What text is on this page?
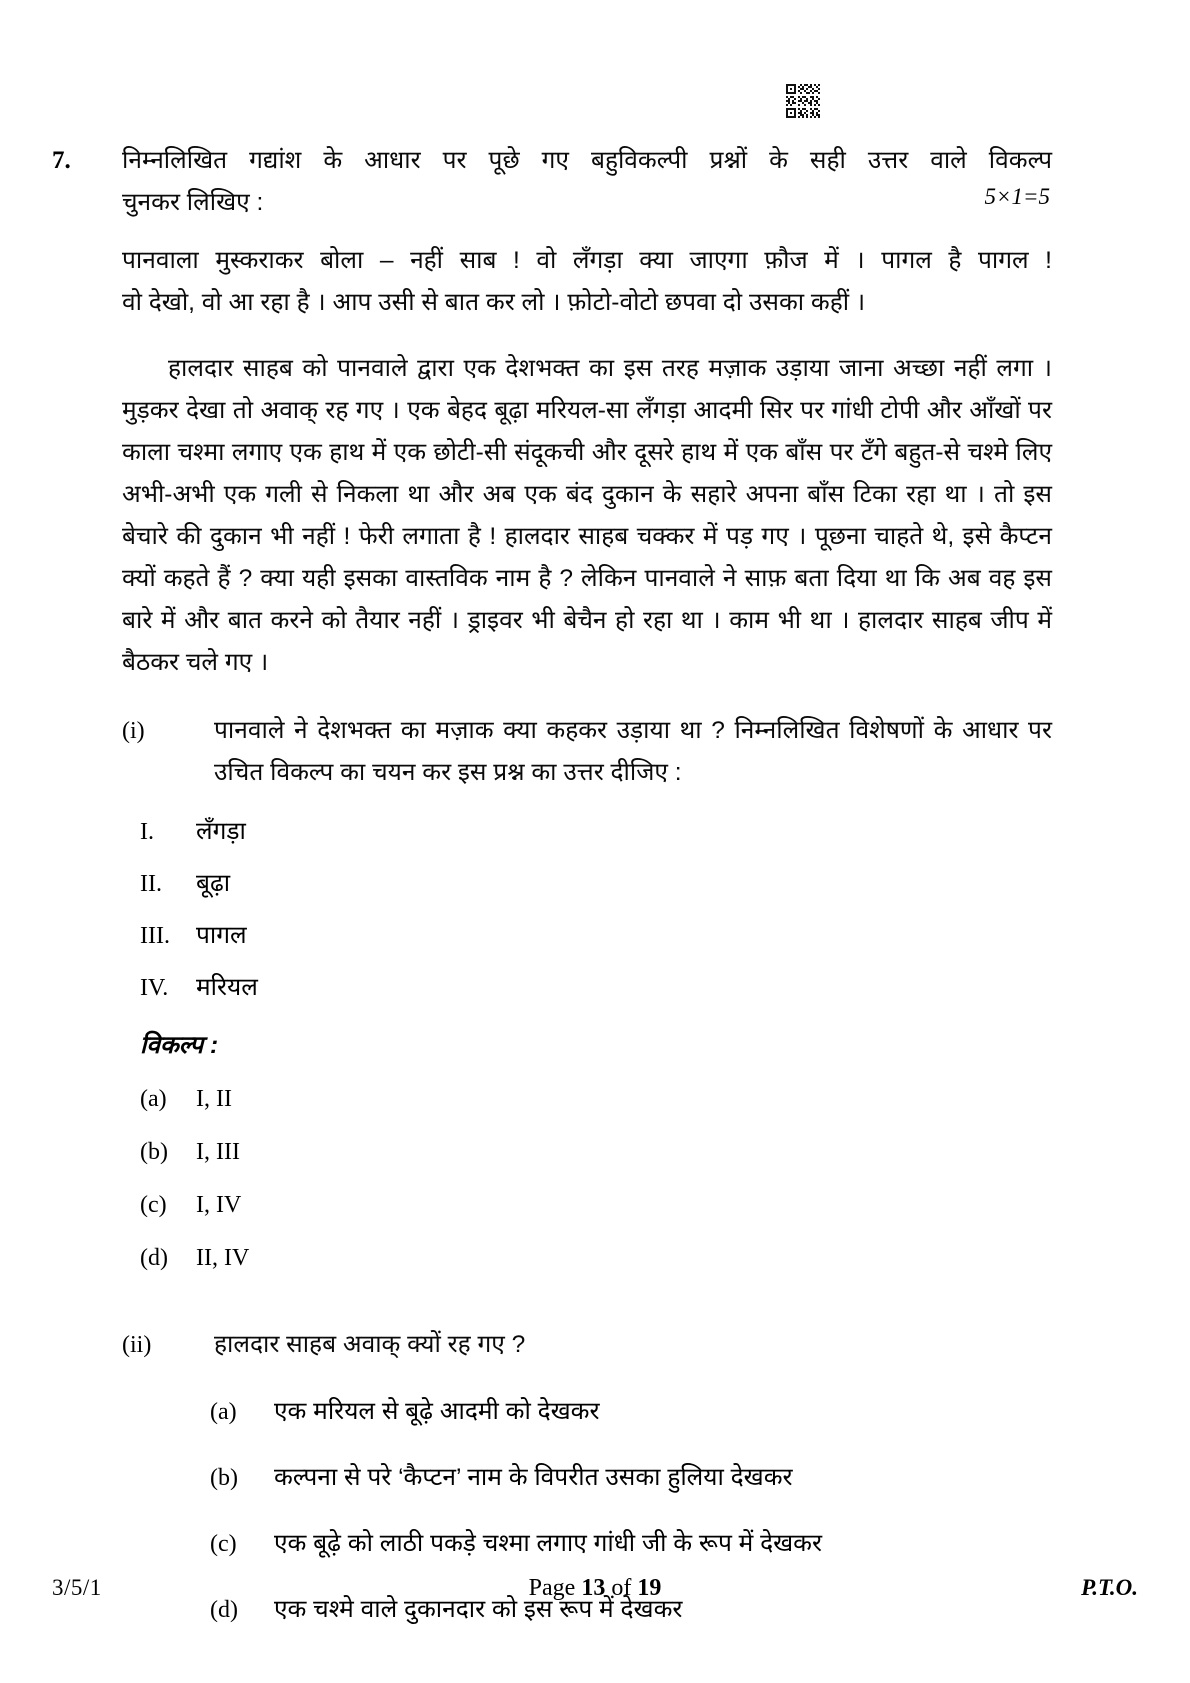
7.	निम्नलिखित गद्यांश के आधार पर पूछे गए बहुविकल्पी प्रश्नों के सही उत्तर वाले विकल्प
चुनकर लिखिए :	5×1=5

पानवाला मुस्कराकर बोला – नहीं साब ! वो लँगड़ा क्या जाएगा फ़ौज में । पागल है पागल !

वो देखो, वो आ रहा है । आप उसी से बात कर लो । फ़ोटो-वोटो छपवा दो उसका कहीं ।

हालदार साहब को पानवाले द्वारा एक देशभक्त का इस तरह मज़ाक उड़ाया जाना अच्छा नहीं लगा । मुड़कर देखा तो अवाक् रह गए । एक बेहद बूढ़ा मरियल-सा लँगड़ा आदमी सिर पर गांधी टोपी और आँखों पर काला चश्मा लगाए एक हाथ में एक छोटी-सी संदूकची और दूसरे हाथ में एक बाँस पर टँगे बहुत-से चश्मे लिए अभी-अभी एक गली से निकला था और अब एक बंद दुकान के सहारे अपना बाँस टिका रहा था । तो इस बेचारे की दुकान भी नहीं ! फेरी लगाता है ! हालदार साहब चक्कर में पड़ गए । पूछना चाहते थे, इसे कैप्टन क्यों कहते हैं ? क्या यही इसका वास्तविक नाम है ? लेकिन पानवाले ने साफ़ बता दिया था कि अब वह इस बारे में और बात करने को तैयार नहीं । ड्राइवर भी बेचैन हो रहा था । काम भी था । हालदार साहब जीप में बैठकर चले गए ।

(i)	पानवाले ने देशभक्त का मज़ाक क्या कहकर उड़ाया था ? निम्नलिखित विशेषणों के आधार पर उचित विकल्प का चयन कर इस प्रश्न का उत्तर दीजिए :
I.	लँगड़ा
II.	बूढ़ा
III.	पागल
IV.	मरियल
विकल्प :
(a)	I, II
(b)	I, III
(c)	I, IV
(d)	II, IV
(ii)	हालदार साहब अवाक् क्यों रह गए ?
(a)	एक मरियल से बूढ़े आदमी को देखकर
(b)	कल्पना से परे ‘कैप्टन’ नाम के विपरीत उसका हुलिया देखकर
(c)	एक बूढ़े को लाठी पकड़े चश्मा लगाए गांधी जी के रूप में देखकर
(d)	एक चश्मे वाले दुकानदार को इस रूप में देखकर
3/5/1	Page 13 of 19	P.T.O.
